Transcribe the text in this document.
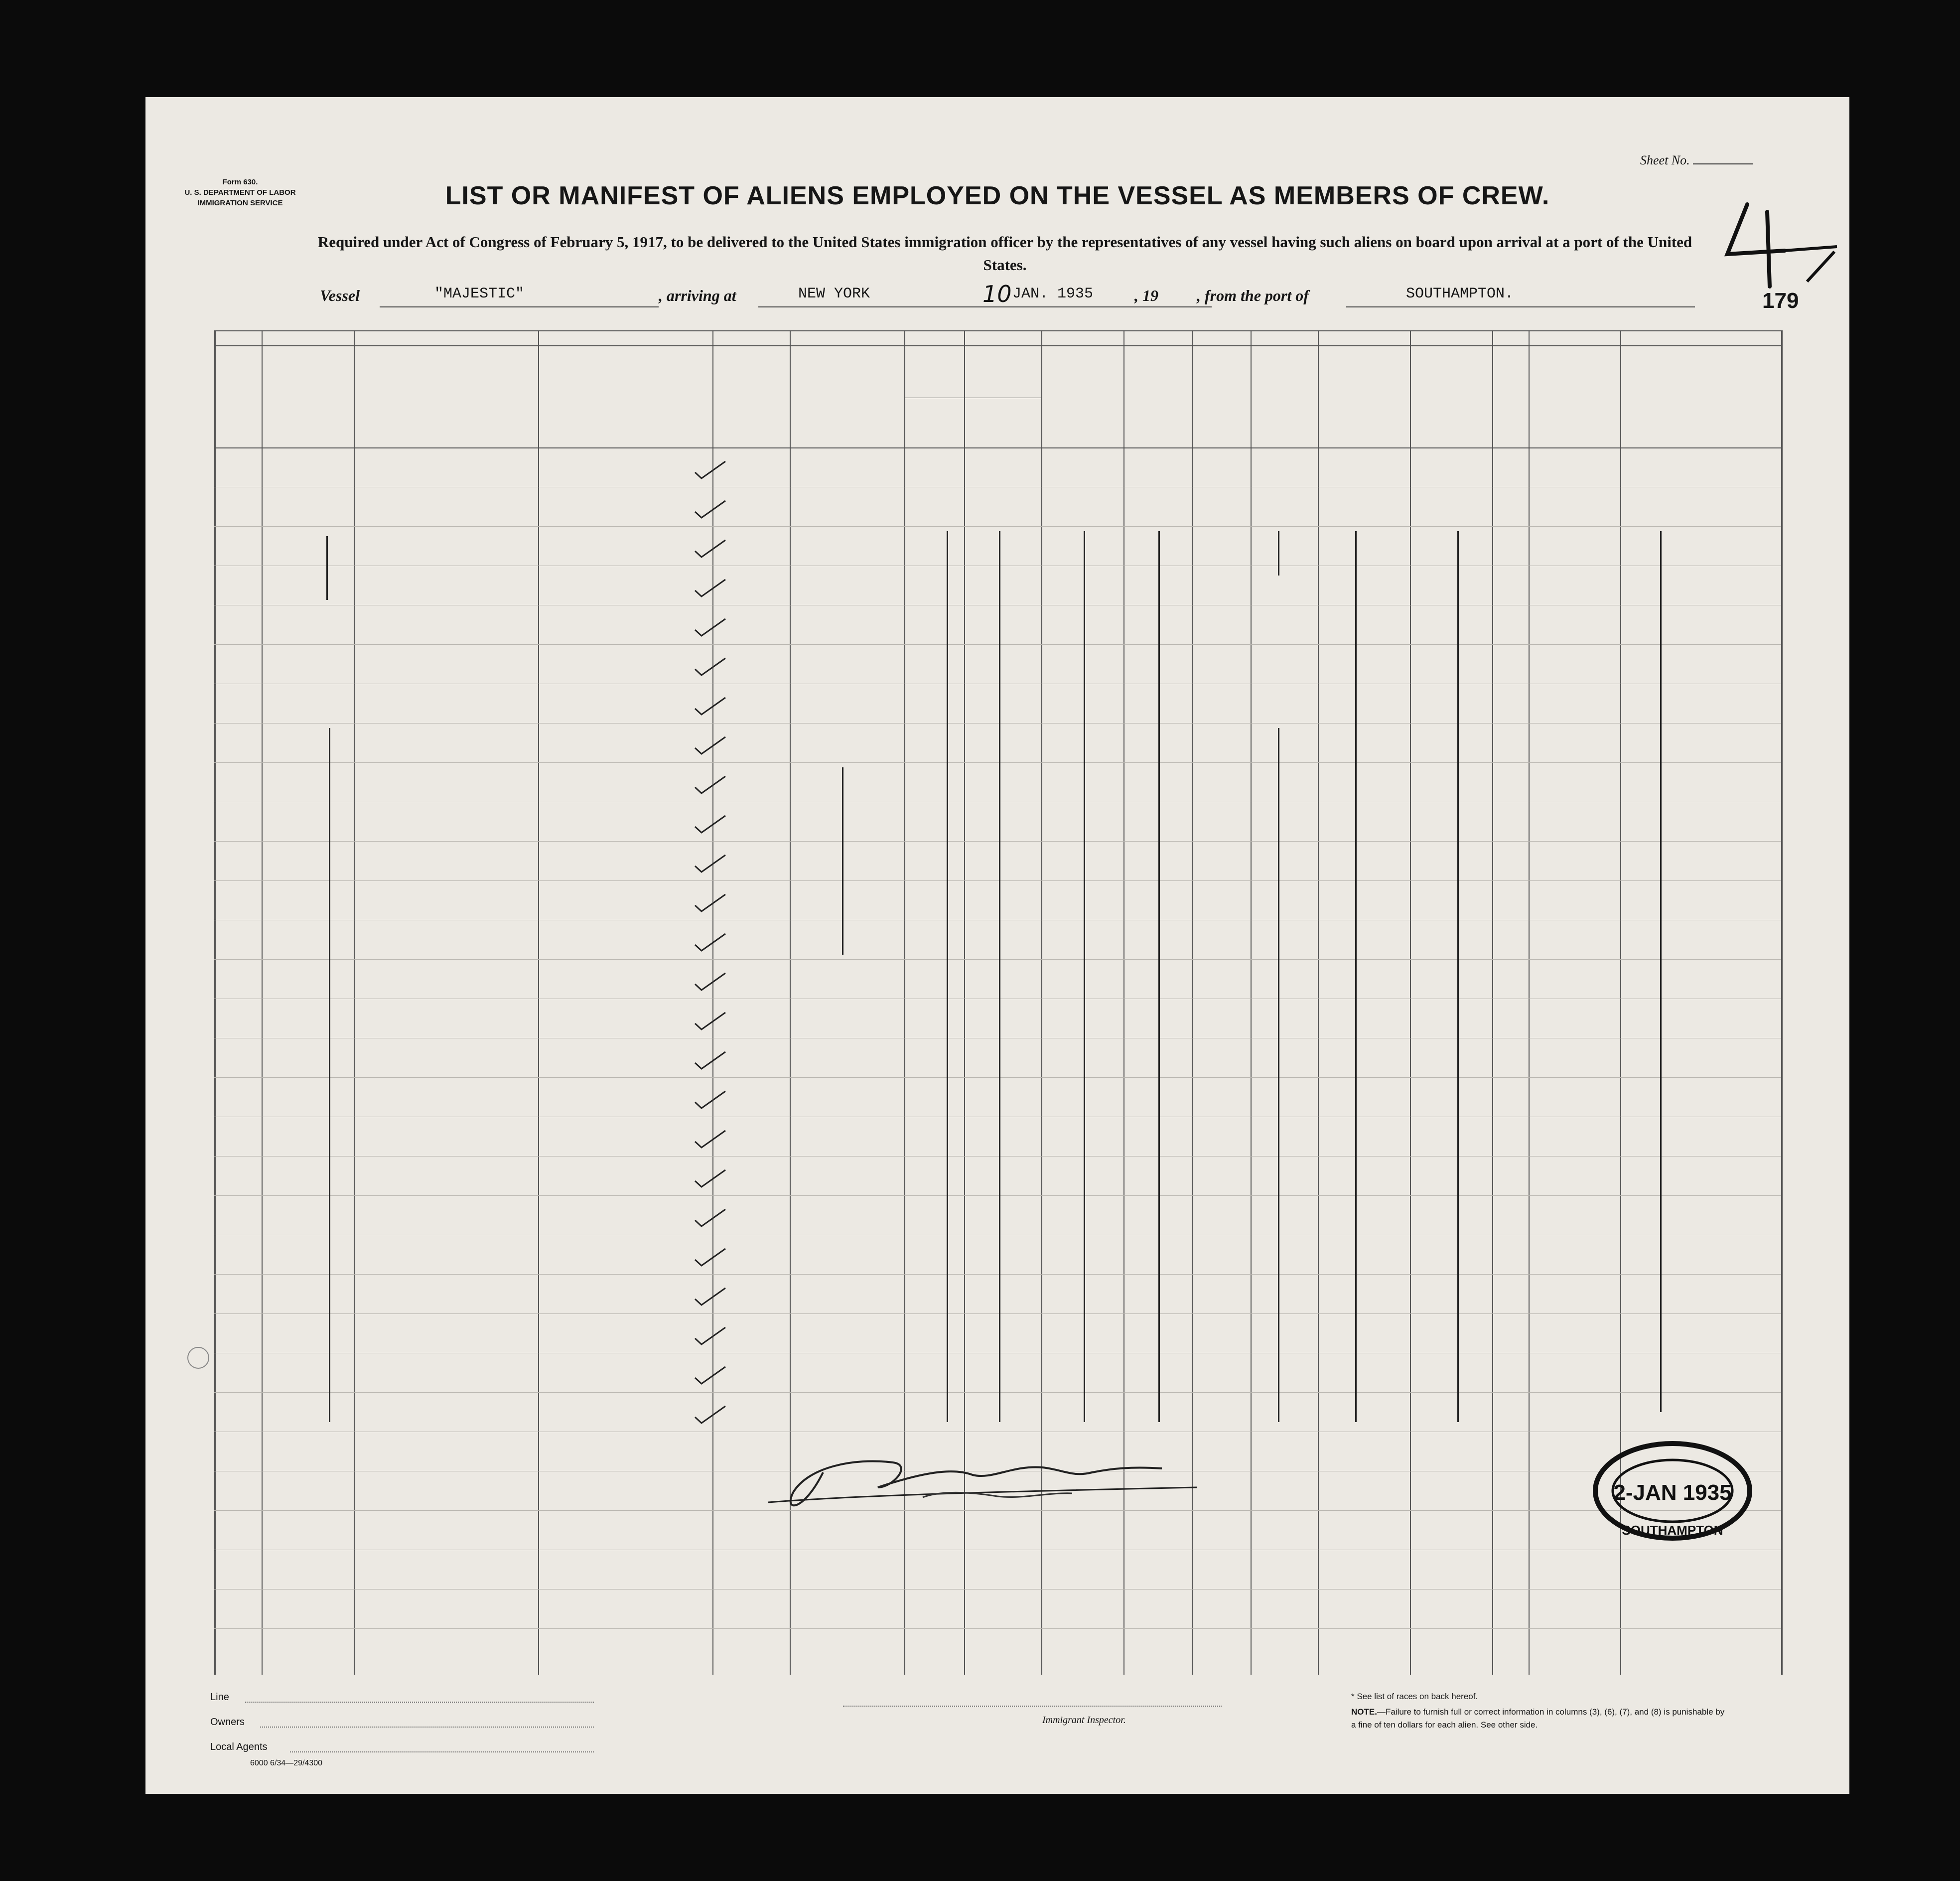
Form 630.
U. S. DEPARTMENT OF LABOR
IMMIGRATION SERVICE
Sheet No.
LIST OR MANIFEST OF ALIENS EMPLOYED ON THE VESSEL AS MEMBERS OF CREW.
Required under Act of Congress of February 5, 1917, to be delivered to the United States immigration officer by the representatives of any vessel having such aliens on board upon arrival at a port of the United States.
4
Vessel	"MAJESTIC"	, arriving at	NEW YORK	10 JAN. 1935	, 19 , from the port of	SOUTHAMPTON.	179
2-JAN 1935
SOUTHAMPTON
Line
Owners
Local Agents
6000 6/34—29/4300
Immigrant Inspector.
* See list of races on back hereof.
NOTE.—Failure to furnish full or correct information in columns (3), (6), (7), and (8) is punishable by a fine of ten dollars for each alien. See other side.
